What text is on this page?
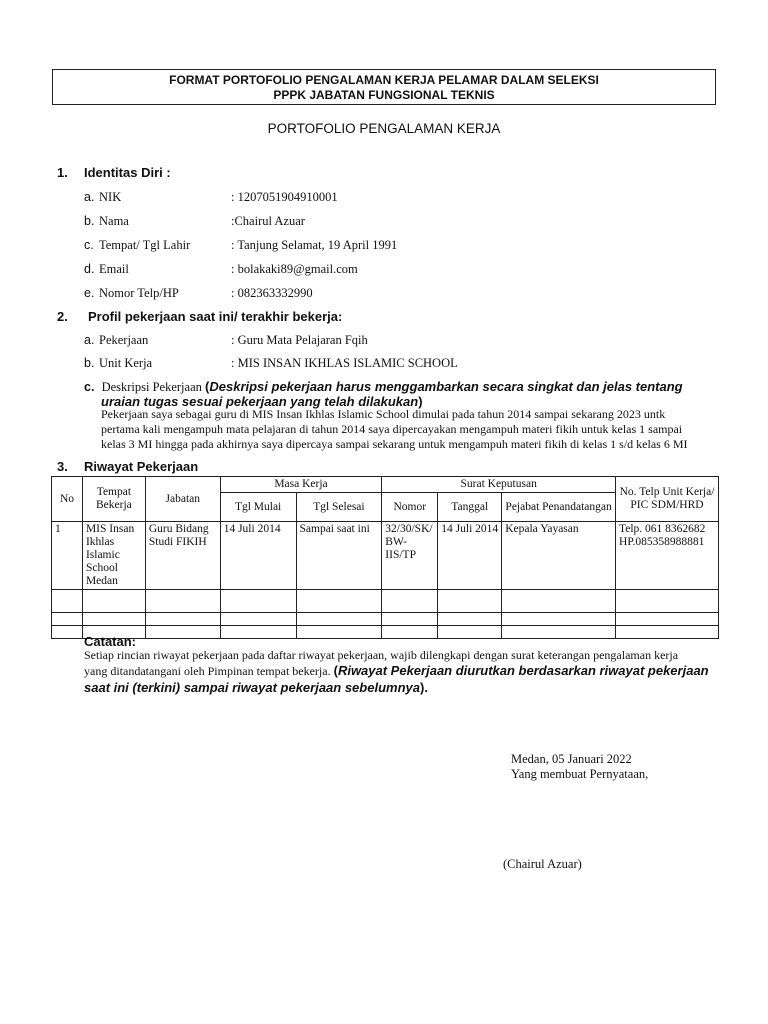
FORMAT PORTOFOLIO PENGALAMAN KERJA PELAMAR DALAM SELEKSI
PPPK JABATAN FUNGSIONAL TEKNIS
PORTOFOLIO PENGALAMAN KERJA
1. Identitas Diri :
a. NIK	: 1207051904910001
b. Nama	:Chairul Azuar
c. Tempat/ Tgl Lahir	: Tanjung Selamat, 19 April 1991
d. Email	: bolakaki89@gmail.com
e. Nomor Telp/HP	: 082363332990
2. Profil pekerjaan saat ini/ terakhir bekerja:
a. Pekerjaan	: Guru Mata Pelajaran Fqih
b. Unit Kerja	: MIS INSAN IKHLAS ISLAMIC SCHOOL
c. Deskripsi Pekerjaan (Deskripsi pekerjaan harus menggambarkan secara singkat dan jelas tentang
uraian tugas sesuai pekerjaan yang telah dilakukan)
Pekerjaan saya sebagai guru di MIS Insan Ikhlas Islamic School dimulai pada tahun 2014 sampai sekarang 2023 untk
pertama kali mengampuh mata pelajaran di tahun 2014 saya dipercayakan mengampuh materi fikih untuk kelas 1 sampai
kelas 3 MI hingga pada akhirnya saya dipercaya sampai sekarang untuk mengampuh materi fikih di kelas 1 s/d kelas 6 MI
3. Riwayat Pekerjaan
No	Tempat Bekerja	Jabatan	Masa Kerja		Surat Keputusan			No. Telp Unit Kerja/ PIC SDM/HRD
			Tgl Mulai	Tgl Selesai	Nomor	Tanggal	Pejabat Penandatangan	
1	MIS Insan Ikhlas Islamic School Medan	Guru Bidang Studi FIKIH	14 Juli 2014	Sampai saat ini	32/30/SK/ BW-IIS/TP	14 Juli 2014	Kepala Yayasan	Telp. 061 8362682 HP.085358988881

Catatan:
Setiap rincian riwayat pekerjaan pada daftar riwayat pekerjaan, wajib dilengkapi dengan surat keterangan pengalaman kerja
yang ditandatangani oleh Pimpinan tempat bekerja. (Riwayat Pekerjaan diurutkan berdasarkan riwayat pekerjaan
saat ini (terkini) sampai riwayat pekerjaan sebelumnya).
Medan, 05 Januari 2022
Yang membuat Pernyataan,
(Chairul Azuar)
